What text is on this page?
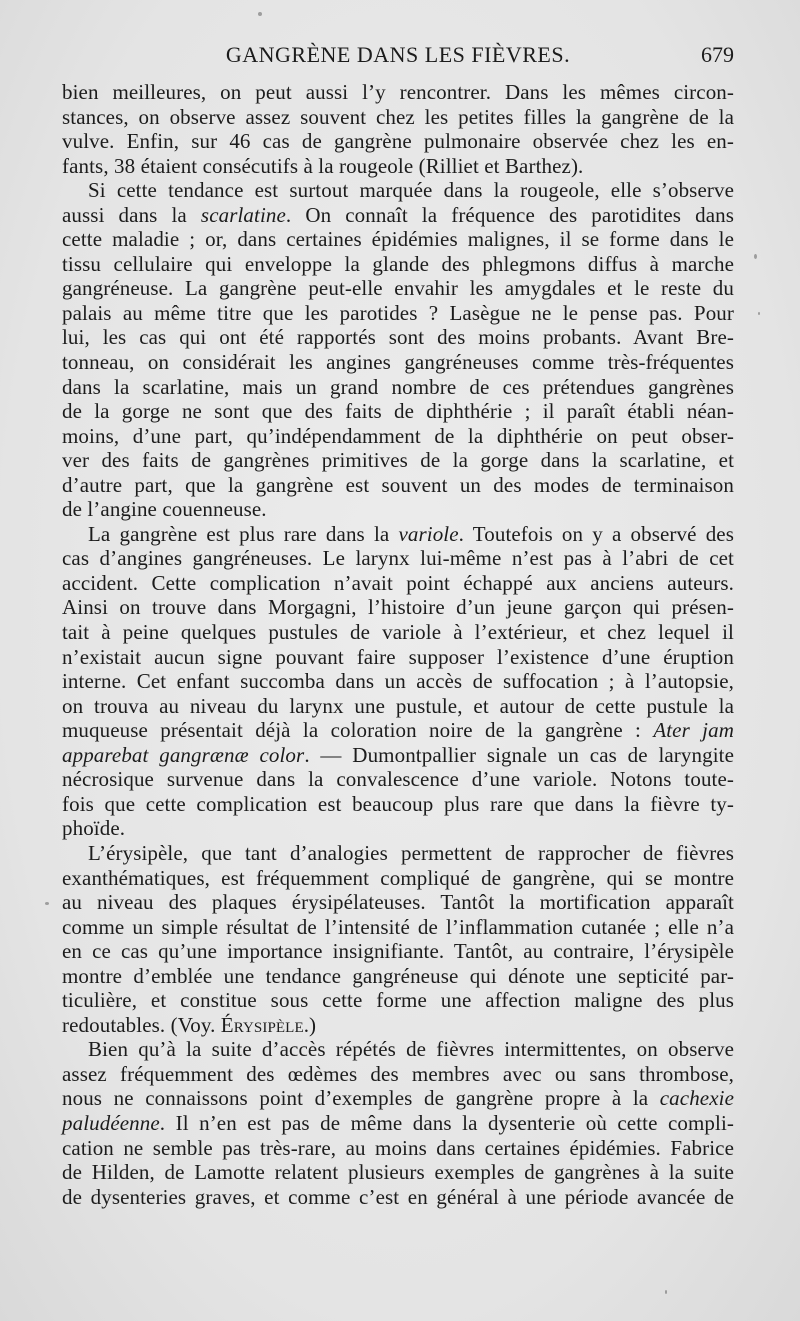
GANGRÈNE DANS LES FIÈVRES.	679
bien meilleures, on peut aussi l’y rencontrer. Dans les mêmes circon-
stances, on observe assez souvent chez les petites filles la gangrène de la
vulve. Enfin, sur 46 cas de gangrène pulmonaire observée chez les en-
fants, 38 étaient consécutifs à la rougeole (Rilliet et Barthez).
Si cette tendance est surtout marquée dans la rougeole, elle s’observe
aussi dans la scarlatine. On connaît la fréquence des parotidites dans
cette maladie ; or, dans certaines épidémies malignes, il se forme dans le
tissu cellulaire qui enveloppe la glande des phlegmons diffus à marche
gangréneuse. La gangrène peut-elle envahir les amygdales et le reste du
palais au même titre que les parotides ? Lasègue ne le pense pas. Pour
lui, les cas qui ont été rapportés sont des moins probants. Avant Bre-
tonneau, on considérait les angines gangréneuses comme très-fréquentes
dans la scarlatine, mais un grand nombre de ces prétendues gangrènes
de la gorge ne sont que des faits de diphthérie ; il paraît établi néan-
moins, d’une part, qu’indépendamment de la diphthérie on peut obser-
ver des faits de gangrènes primitives de la gorge dans la scarlatine, et
d’autre part, que la gangrène est souvent un des modes de terminaison
de l’angine couenneuse.
La gangrène est plus rare dans la variole. Toutefois on y a observé des
cas d’angines gangréneuses. Le larynx lui-même n’est pas à l’abri de cet
accident. Cette complication n’avait point échappé aux anciens auteurs.
Ainsi on trouve dans Morgagni, l’histoire d’un jeune garçon qui présen-
tait à peine quelques pustules de variole à l’extérieur, et chez lequel il
n’existait aucun signe pouvant faire supposer l’existence d’une éruption
interne. Cet enfant succomba dans un accès de suffocation ; à l’autopsie,
on trouva au niveau du larynx une pustule, et autour de cette pustule la
muqueuse présentait déjà la coloration noire de la gangrène : Ater jam
apparebat gangrænæ color. — Dumontpallier signale un cas de laryngite
nécrosique survenue dans la convalescence d’une variole. Notons toute-
fois que cette complication est beaucoup plus rare que dans la fièvre ty-
phoïde.
L’érysipèle, que tant d’analogies permettent de rapprocher de fièvres
exanthématiques, est fréquemment compliqué de gangrène, qui se montre
au niveau des plaques érysipélateuses. Tantôt la mortification apparaît
comme un simple résultat de l’intensité de l’inflammation cutanée ; elle n’a
en ce cas qu’une importance insignifiante. Tantôt, au contraire, l’érysipèle
montre d’emblée une tendance gangréneuse qui dénote une septicité par-
ticulière, et constitue sous cette forme une affection maligne des plus
redoutables. (Voy. Érysipèle.)
Bien qu’à la suite d’accès répétés de fièvres intermittentes, on observe
assez fréquemment des œdèmes des membres avec ou sans thrombose,
nous ne connaissons point d’exemples de gangrène propre à la cachexie
paludéenne. Il n’en est pas de même dans la dysenterie où cette compli-
cation ne semble pas très-rare, au moins dans certaines épidémies. Fabrice
de Hilden, de Lamotte relatent plusieurs exemples de gangrènes à la suite
de dysenteries graves, et comme c’est en général à une période avancée de
